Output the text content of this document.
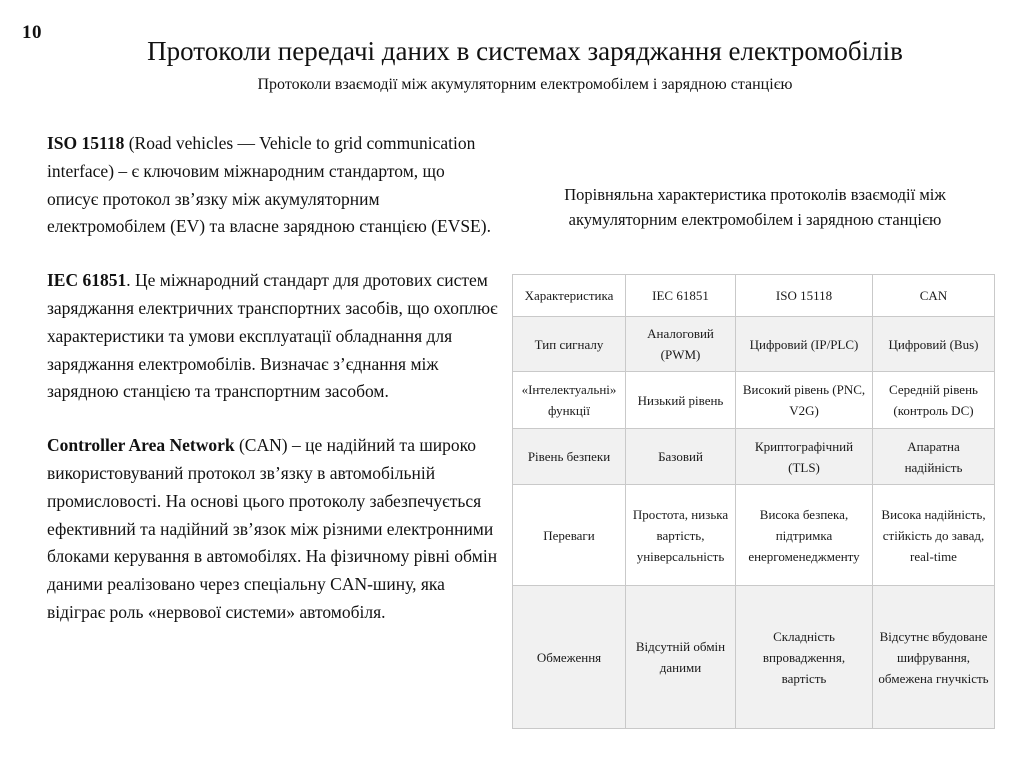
10
Протоколи передачі даних в системах заряджання електромобілів
Протоколи взаємодії між акумуляторним електромобілем і зарядною станцією

ISO 15118 (Road vehicles — Vehicle to grid communication interface) – є ключовим міжнародним стандартом, що описує протокол зв’язку між акумуляторним електромобілем (EV) та власне зарядною станцією (EVSE).

IEC 61851. Це міжнародний стандарт для дротових систем заряджання електричних транспортних засобів, що охоплює характеристики та умови експлуатації обладнання для заряджання електромобілів. Визначає з’єднання між зарядною станцією та транспортним засобом.

Controller Area Network (CAN) – це надійний та широко використовуваний протокол зв’язку в автомобільній промисловості. На основі цього протоколу забезпечується ефективний та надійний зв’язок між різними електронними блоками керування в автомобілях. На фізичному рівні обмін даними реалізовано через спеціальну CAN-шину, яка відіграє роль «нервової системи» автомобіля.

Порівняльна характеристика протоколів взаємодії між акумуляторним електромобілем і зарядною станцією
Характеристика	IEC 61851	ISO 15118	CAN
Тип сигналу	Аналоговий (PWM)	Цифровий (IP/PLC)	Цифровий (Bus)
«Інтелектуальні» функції	Низький рівень	Високий рівень (PNC, V2G)	Середній рівень (контроль DC)
Рівень безпеки	Базовий	Криптографічний (TLS)	Апаратна надійність
Переваги	Простота, низька вартість, універсальність	Висока безпека, підтримка енергоменеджменту	Висока надійність, стійкість до завад, real-time
Обмеження	Відсутній обмін даними	Складність впровадження, вартість	Відсутнє вбудоване шифрування, обмежена гнучкість
